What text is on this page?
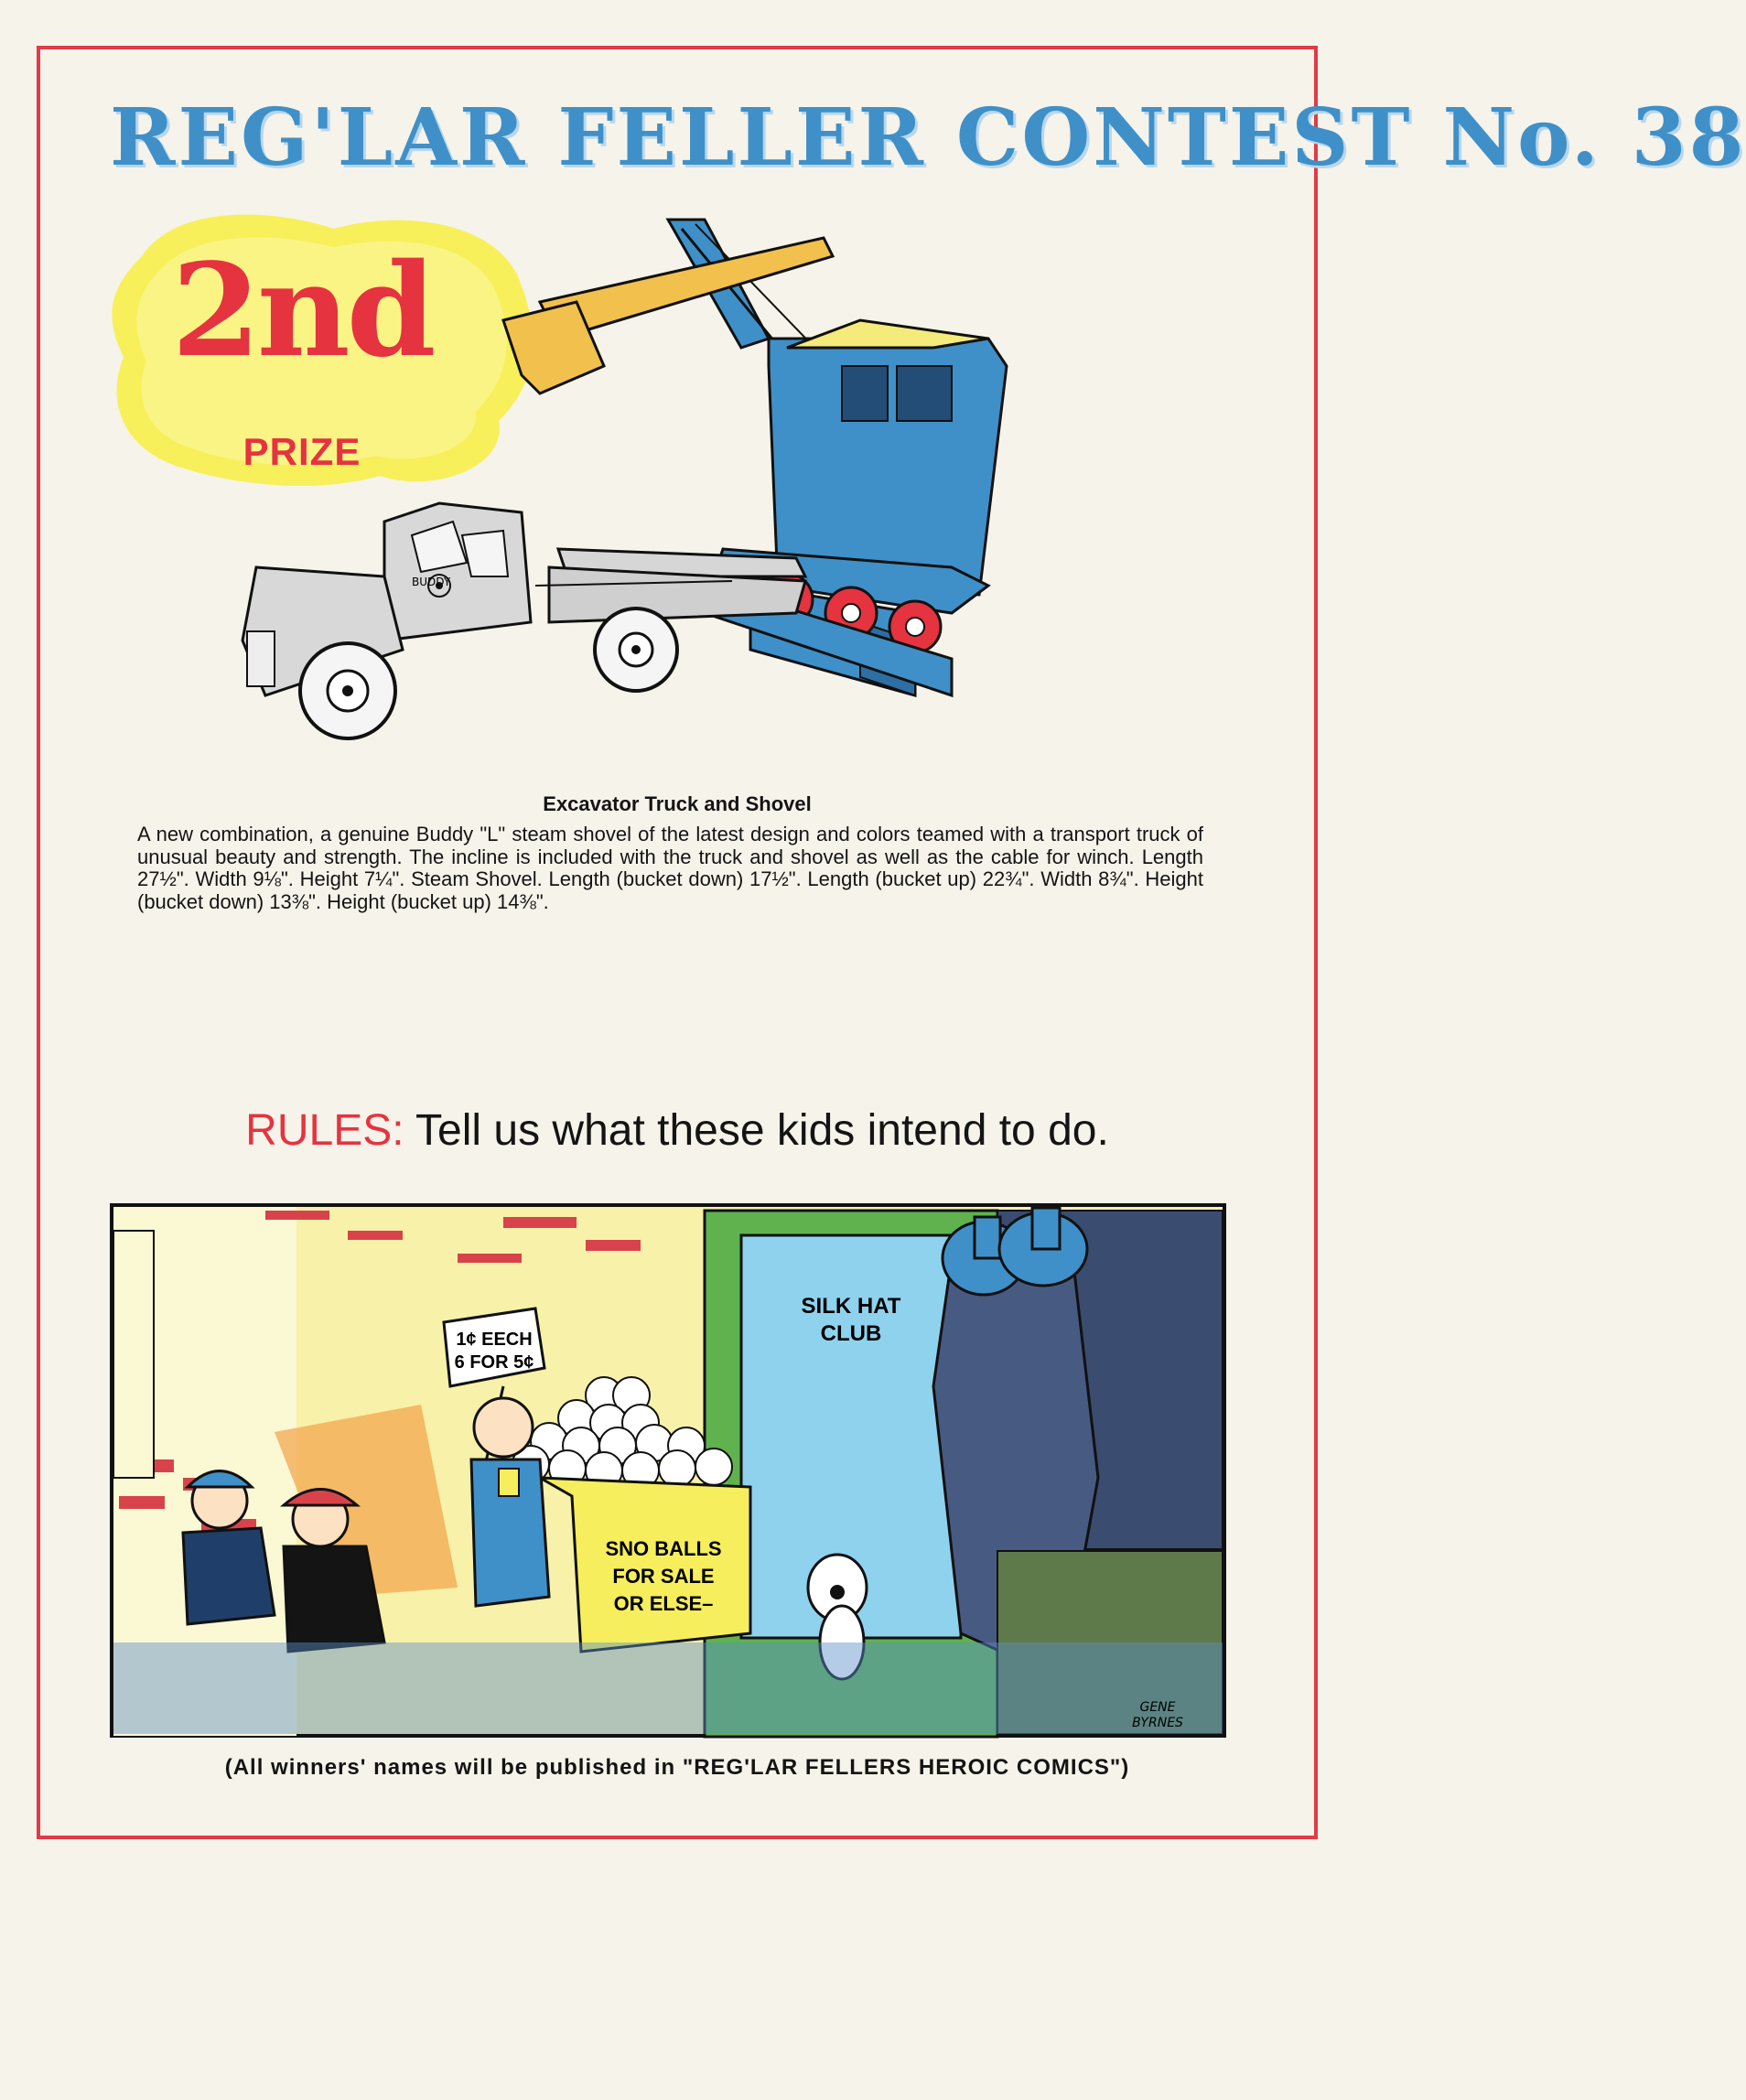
REG'LAR FELLER CONTEST No. 38
2nd
PRIZE
BUDDY
Excavator Truck and Shovel
A new combination, a genuine Buddy "L" steam shovel of the latest design and colors teamed with a transport truck of unusual beauty and strength. The incline is included with the truck and shovel as well as the cable for winch. Length 27½". Width 9⅛". Height 7¼". Steam Shovel. Length (bucket down) 17½". Length (bucket up) 22¾". Width 8¾". Height (bucket down) 13⅜". Height (bucket up) 14⅜".
RULES: Tell us what these kids intend to do.
SILK HAT
CLUB
1¢ EECH
6 FOR 5¢
SNO BALLS
FOR SALE
OR ELSE–
GENE
BYRNES
(All winners' names will be published in "REG'LAR FELLERS HEROIC COMICS")
